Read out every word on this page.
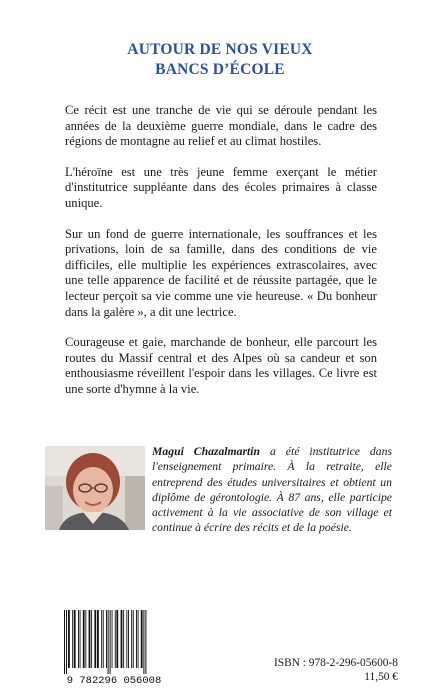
AUTOUR DE NOS VIEUX
BANCS D’ÉCOLE

Ce récit est une tranche de vie qui se déroule pendant les années de la deuxième guerre mondiale, dans le cadre des régions de montagne au relief et au climat hostiles.

L'héroïne est une très jeune femme exerçant le métier d'institutrice suppléante dans des écoles primaires à classe unique.

Sur un fond de guerre internationale, les souffrances et les privations, loin de sa famille, dans des conditions de vie difficiles, elle multiplie les expériences extrascolaires, avec une telle apparence de facilité et de réussite partagée, que le lecteur perçoit sa vie comme une vie heureuse. « Du bonheur dans la galère », a dit une lectrice.

Courageuse et gaie, marchande de bonheur, elle parcourt les routes du Massif central et des Alpes où sa candeur et son enthousiasme réveillent l'espoir dans les villages. Ce livre est une sorte d'hymne à la vie.

Magui Chazalmartin a été institutrice dans l'enseignement primaire. À la retraite, elle entreprend des études universitaires et obtient un diplôme de gérontologie. À 87 ans, elle participe activement à la vie associative de son village et continue à écrire des récits et de la poésie.
9 782296 056008
ISBN : 978-2-296-05600-8
11,50 €
